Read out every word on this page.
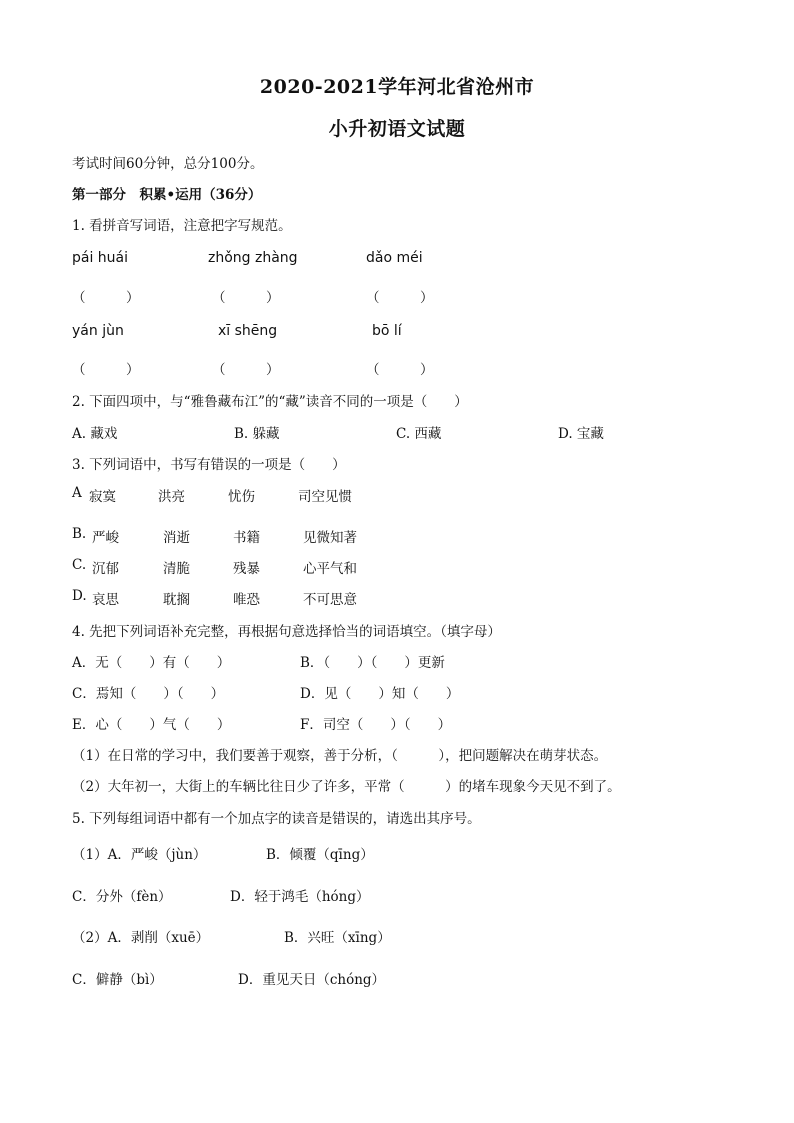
2020-2021学年河北省沧州市
小升初语文试题
考试时间60分钟，总分100分。
第一部分　积累•运用（36分）
1. 看拼音写词语，注意把字写规范。
pái huái	zhǒng zhàng	dǎo méi
（　　　）	（　　　）	（　　　）
yán jùn	xī shēng	bō lí
（　　　）	（　　　）	（　　　）
2. 下面四项中，与“雅鲁藏布江”的“藏”读音不同的一项是（　　）
A. 藏戏	B. 躲藏	C. 西藏	D. 宝藏
3. 下列词语中，书写有错误的一项是（　　）
A 寂寞	洪亮	忧伤	司空见惯
B. 严峻	消逝	书籍	见微知著
C. 沉郁	清脆	残暴	心平气和
D. 哀思	耽搁	唯恐	不可思意
4. 先把下列词语补充完整，再根据句意选择恰当的词语填空。（填字母）
A．无（　　）有（　　）	B．（　　）（　　）更新
C．焉知（　　）（　　）	D．见（　　）知（　　）
E．心（　　）气（　　）	F．司空（　　）（　　）
（1）在日常的学习中，我们要善于观察，善于分析，（　　　），把问题解决在萌芽状态。
（2）大年初一，大街上的车辆比往日少了许多，平常（　　　）的堵车现象今天见不到了。
5. 下列每组词语中都有一个加点字的读音是错误的，请选出其序号。
（1）A．严峻（jùn）	B．倾覆（qīng）
C．分外（fèn）	D．轻于鸿毛（hóng）
（2）A．剥削（xuē）	B．兴旺（xīng）
C．僻静（bì）	D．重见天日（chóng）
